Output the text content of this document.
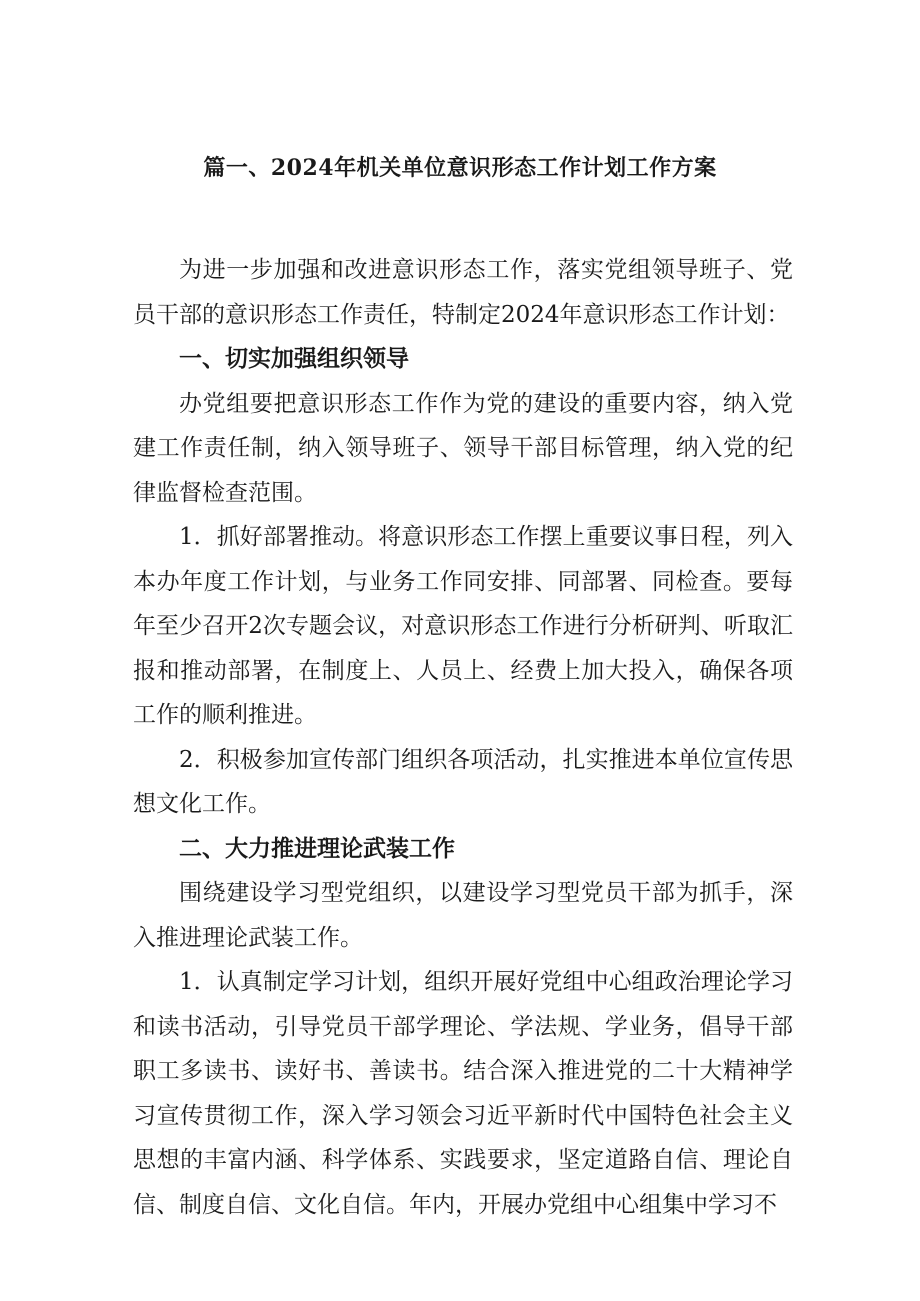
篇一、2024年机关单位意识形态工作计划工作方案

为进一步加强和改进意识形态工作，落实党组领导班子、党员干部的意识形态工作责任，特制定2024年意识形态工作计划：

一、切实加强组织领导

办党组要把意识形态工作作为党的建设的重要内容，纳入党建工作责任制，纳入领导班子、领导干部目标管理，纳入党的纪律监督检查范围。

1．抓好部署推动。将意识形态工作摆上重要议事日程，列入本办年度工作计划，与业务工作同安排、同部署、同检查。要每年至少召开2次专题会议，对意识形态工作进行分析研判、听取汇报和推动部署，在制度上、人员上、经费上加大投入，确保各项工作的顺利推进。

2．积极参加宣传部门组织各项活动，扎实推进本单位宣传思想文化工作。

二、大力推进理论武装工作

围绕建设学习型党组织，以建设学习型党员干部为抓手，深入推进理论武装工作。

1．认真制定学习计划，组织开展好党组中心组政治理论学习和读书活动，引导党员干部学理论、学法规、学业务，倡导干部职工多读书、读好书、善读书。结合深入推进党的二十大精神学习宣传贯彻工作，深入学习领会习近平新时代中国特色社会主义思想的丰富内涵、科学体系、实践要求，坚定道路自信、理论自信、制度自信、文化自信。年内，开展办党组中心组集中学习不
